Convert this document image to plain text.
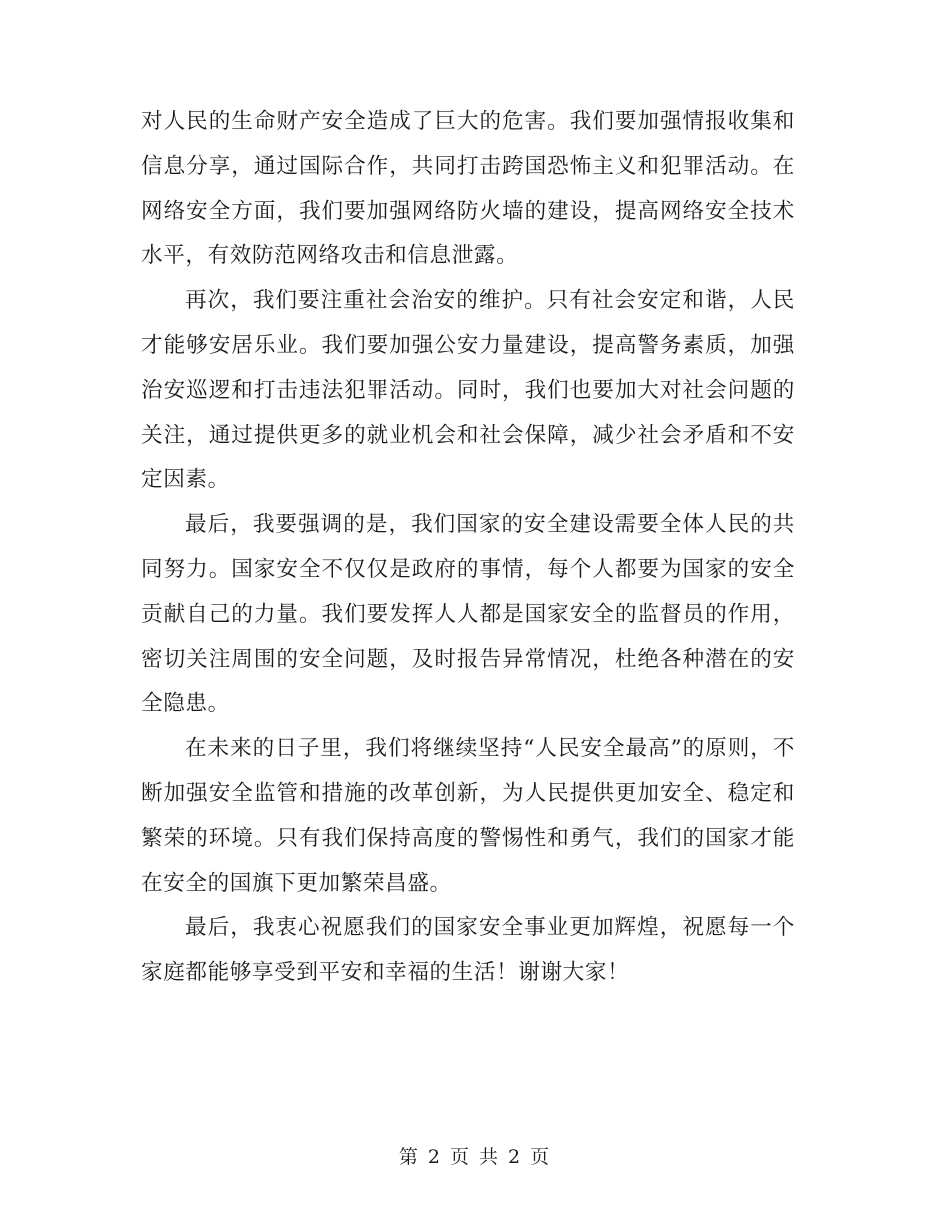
对人民的生命财产安全造成了巨大的危害。我们要加强情报收集和信息分享，通过国际合作，共同打击跨国恐怖主义和犯罪活动。在网络安全方面，我们要加强网络防火墙的建设，提高网络安全技术水平，有效防范网络攻击和信息泄露。

再次，我们要注重社会治安的维护。只有社会安定和谐，人民才能够安居乐业。我们要加强公安力量建设，提高警务素质，加强治安巡逻和打击违法犯罪活动。同时，我们也要加大对社会问题的关注，通过提供更多的就业机会和社会保障，减少社会矛盾和不安定因素。

最后，我要强调的是，我们国家的安全建设需要全体人民的共同努力。国家安全不仅仅是政府的事情，每个人都要为国家的安全贡献自己的力量。我们要发挥人人都是国家安全的监督员的作用，密切关注周围的安全问题，及时报告异常情况，杜绝各种潜在的安全隐患。

在未来的日子里，我们将继续坚持“人民安全最高”的原则，不断加强安全监管和措施的改革创新，为人民提供更加安全、稳定和繁荣的环境。只有我们保持高度的警惕性和勇气，我们的国家才能在安全的国旗下更加繁荣昌盛。

最后，我衷心祝愿我们的国家安全事业更加辉煌，祝愿每一个家庭都能够享受到平安和幸福的生活！谢谢大家！

第 2 页 共 2 页
